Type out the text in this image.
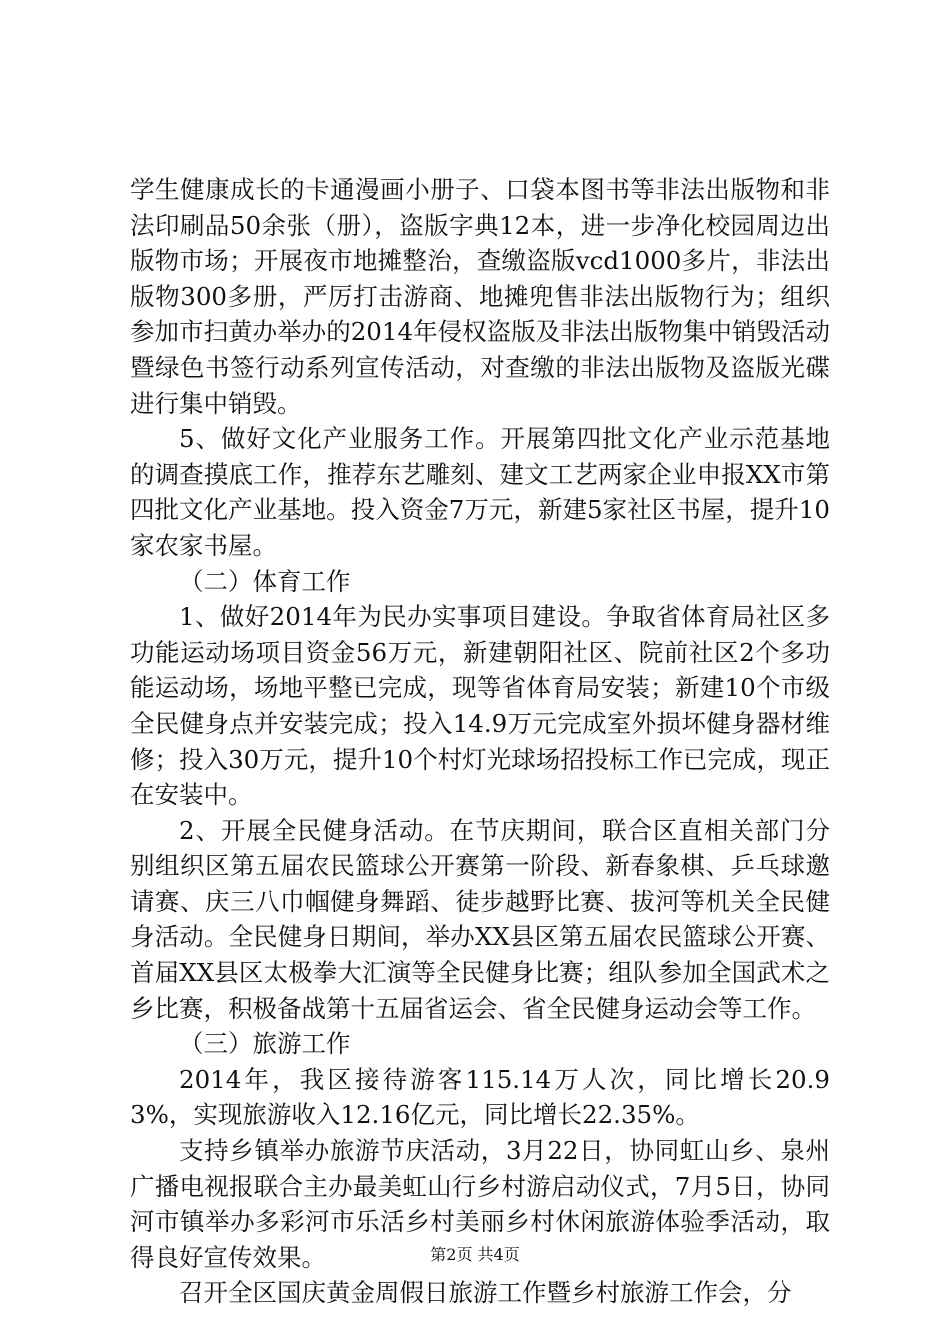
学生健康成长的卡通漫画小册子、口袋本图书等非法出版物和非法印刷品50余张（册），盗版字典12本，进一步净化校园周边出版物市场；开展夜市地摊整治，查缴盗版vcd1000多片，非法出版物300多册，严厉打击游商、地摊兜售非法出版物行为；组织参加市扫黄办举办的2014年侵权盗版及非法出版物集中销毁活动暨绿色书签行动系列宣传活动，对查缴的非法出版物及盗版光碟进行集中销毁。

5、做好文化产业服务工作。开展第四批文化产业示范基地的调查摸底工作，推荐东艺雕刻、建文工艺两家企业申报XX市第四批文化产业基地。投入资金7万元，新建5家社区书屋，提升10家农家书屋。

（二）体育工作

1、做好2014年为民办实事项目建设。争取省体育局社区多功能运动场项目资金56万元，新建朝阳社区、院前社区2个多功能运动场，场地平整已完成，现等省体育局安装；新建10个市级全民健身点并安装完成；投入14.9万元完成室外损坏健身器材维修；投入30万元，提升10个村灯光球场招投标工作已完成，现正在安装中。

2、开展全民健身活动。在节庆期间，联合区直相关部门分别组织区第五届农民篮球公开赛第一阶段、新春象棋、乒乓球邀请赛、庆三八巾帼健身舞蹈、徒步越野比赛、拔河等机关全民健身活动。全民健身日期间，举办XX县区第五届农民篮球公开赛、首届XX县区太极拳大汇演等全民健身比赛；组队参加全国武术之乡比赛，积极备战第十五届省运会、省全民健身运动会等工作。

（三）旅游工作

2014年，我区接待游客115.14万人次，同比增长20.93%，实现旅游收入12.16亿元，同比增长22.35%。

支持乡镇举办旅游节庆活动，3月22日，协同虹山乡、泉州广播电视报联合主办最美虹山行乡村游启动仪式，7月5日，协同河市镇举办多彩河市乐活乡村美丽乡村休闲旅游体验季活动，取得良好宣传效果。

召开全区国庆黄金周假日旅游工作暨乡村旅游工作会，分

第2页 共4页
